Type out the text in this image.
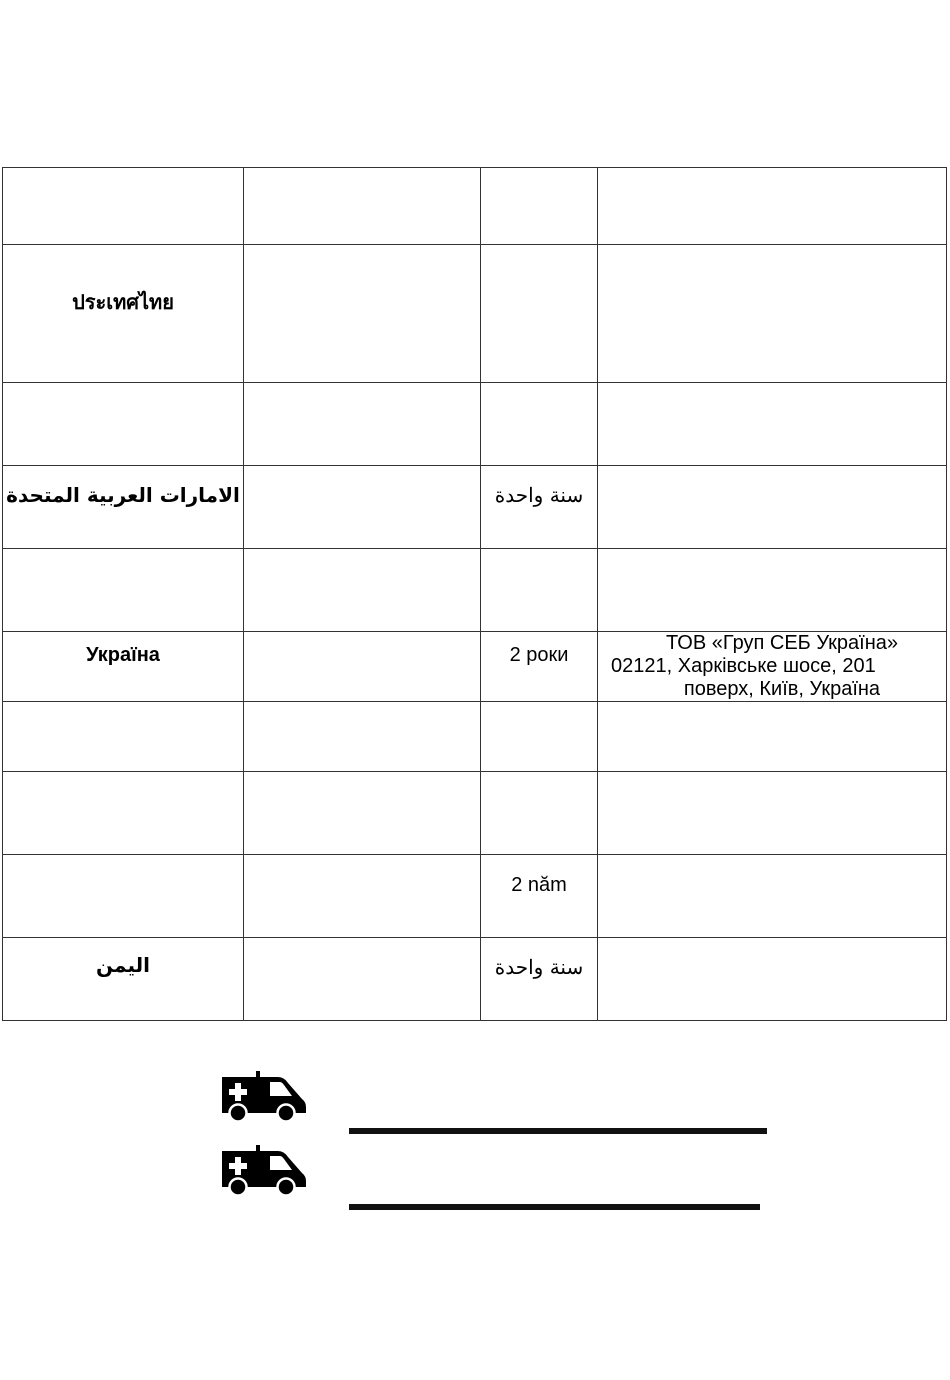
ประเทศไทย			

الامارات العربية المتحدة		سنة واحدة	

Україна		2 роки	ТОВ «Груп СЕБ Україна»
02121, Харківське шосе, 201
поверх, Київ, Україна

		2 năm	
اليمن		سنة واحدة	
